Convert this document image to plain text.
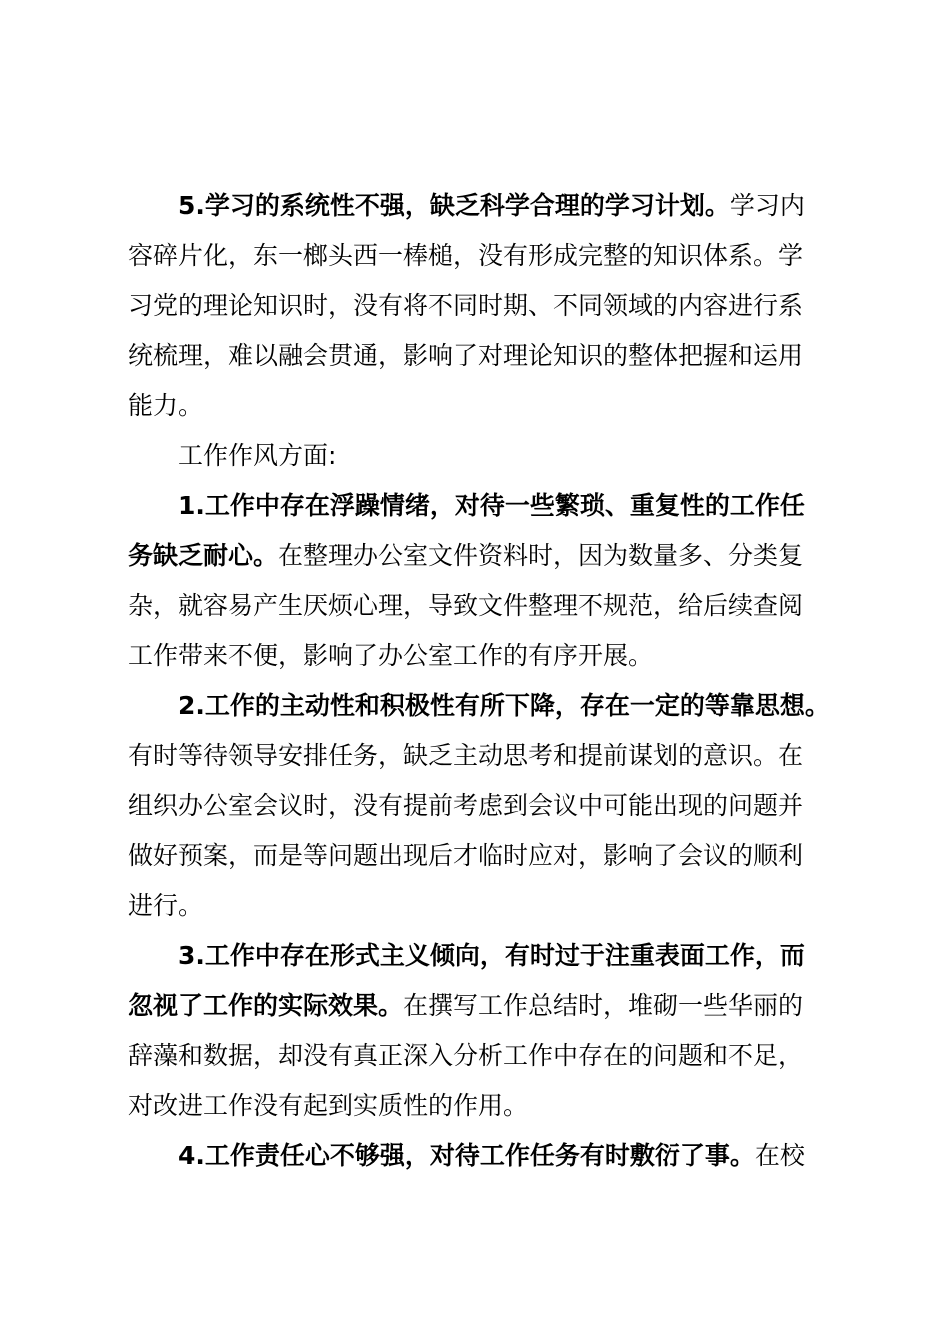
5.学习的系统性不强，缺乏科学合理的学习计划。学习内
容碎片化，东一榔头西一棒槌，没有形成完整的知识体系。学
习党的理论知识时，没有将不同时期、不同领域的内容进行系
统梳理，难以融会贯通，影响了对理论知识的整体把握和运用
能力。
工作作风方面:
1.工作中存在浮躁情绪，对待一些繁琐、重复性的工作任
务缺乏耐心。在整理办公室文件资料时，因为数量多、分类复
杂，就容易产生厌烦心理，导致文件整理不规范，给后续查阅
工作带来不便，影响了办公室工作的有序开展。
2.工作的主动性和积极性有所下降，存在一定的等靠思想。
有时等待领导安排任务，缺乏主动思考和提前谋划的意识。在
组织办公室会议时，没有提前考虑到会议中可能出现的问题并
做好预案，而是等问题出现后才临时应对，影响了会议的顺利
进行。
3.工作中存在形式主义倾向，有时过于注重表面工作，而
忽视了工作的实际效果。在撰写工作总结时，堆砌一些华丽的
辞藻和数据，却没有真正深入分析工作中存在的问题和不足，
对改进工作没有起到实质性的作用。
4.工作责任心不够强，对待工作任务有时敷衍了事。在校
